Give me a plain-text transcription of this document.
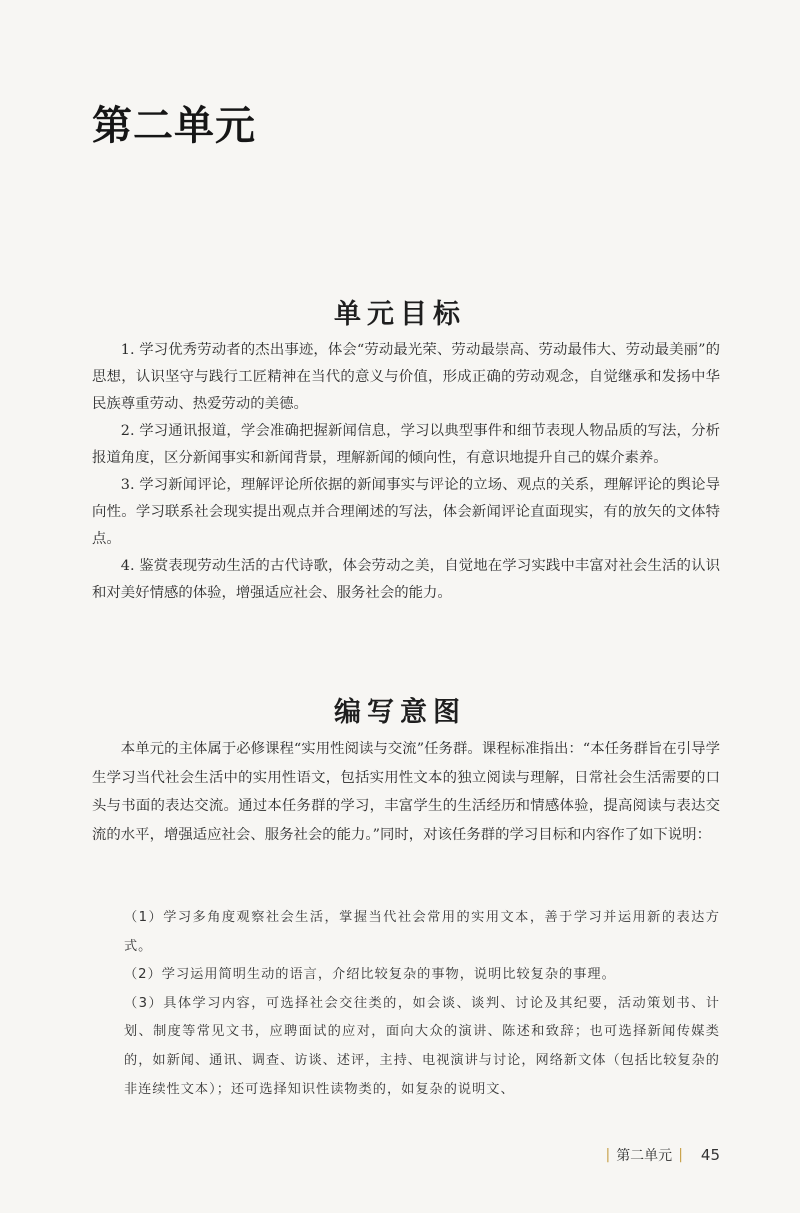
第二单元
单元目标

1. 学习优秀劳动者的杰出事迹，体会“劳动最光荣、劳动最崇高、劳动最伟大、劳动最美丽”的思想，认识坚守与践行工匠精神在当代的意义与价值，形成正确的劳动观念，自觉继承和发扬中华民族尊重劳动、热爱劳动的美德。

2. 学习通讯报道，学会准确把握新闻信息，学习以典型事件和细节表现人物品质的写法，分析报道角度，区分新闻事实和新闻背景，理解新闻的倾向性，有意识地提升自己的媒介素养。

3. 学习新闻评论，理解评论所依据的新闻事实与评论的立场、观点的关系，理解评论的舆论导向性。学习联系社会现实提出观点并合理阐述的写法，体会新闻评论直面现实，有的放矢的文体特点。

4. 鉴赏表现劳动生活的古代诗歌，体会劳动之美，自觉地在学习实践中丰富对社会生活的认识和对美好情感的体验，增强适应社会、服务社会的能力。

编写意图

本单元的主体属于必修课程“实用性阅读与交流”任务群。课程标准指出：“本任务群旨在引导学生学习当代社会生活中的实用性语文，包括实用性文本的独立阅读与理解，日常社会生活需要的口头与书面的表达交流。通过本任务群的学习，丰富学生的生活经历和情感体验，提高阅读与表达交流的水平，增强适应社会、服务社会的能力。”同时，对该任务群的学习目标和内容作了如下说明：

（1）学习多角度观察社会生活，掌握当代社会常用的实用文本，善于学习并运用新的表达方式。

（2）学习运用简明生动的语言，介绍比较复杂的事物，说明比较复杂的事理。

（3）具体学习内容，可选择社会交往类的，如会谈、谈判、讨论及其纪要，活动策划书、计划、制度等常见文书，应聘面试的应对，面向大众的演讲、陈述和致辞；也可选择新闻传媒类的，如新闻、通讯、调查、访谈、述评，主持、电视演讲与讨论，网络新文体（包括比较复杂的非连续性文本）；还可选择知识性读物类的，如复杂的说明文、

| 第二单元 | 45
